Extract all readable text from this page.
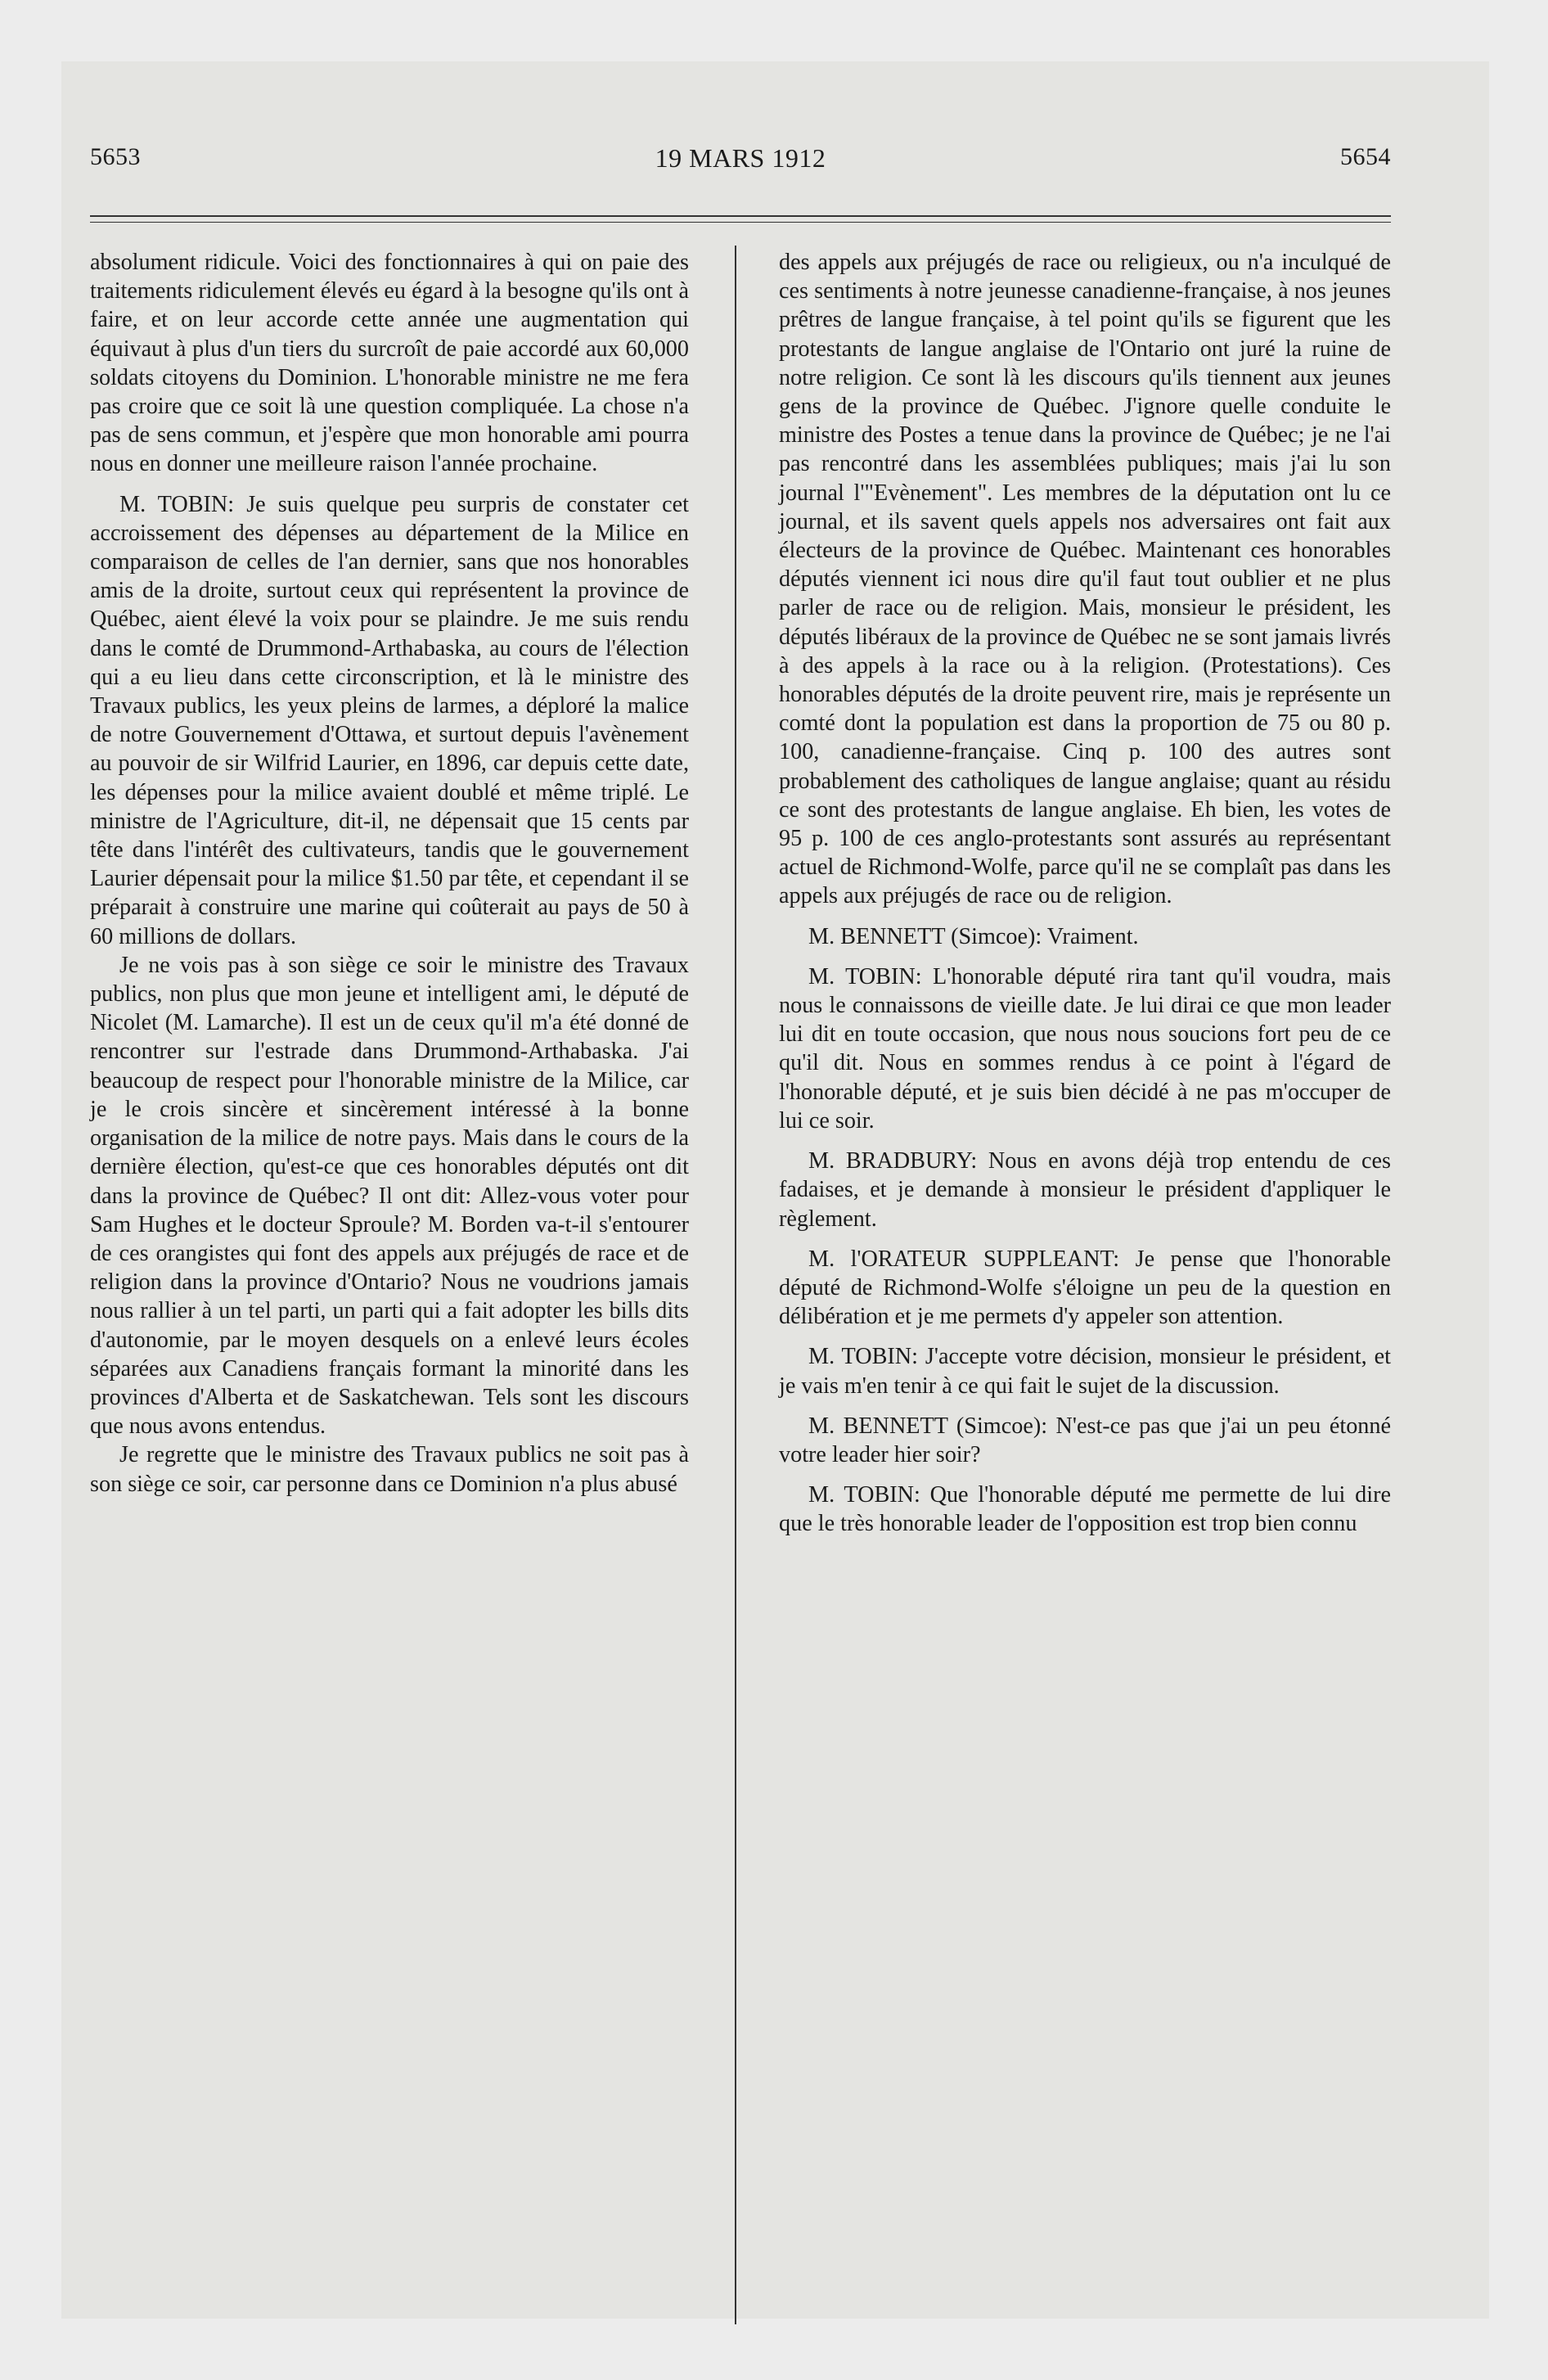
5653	19 MARS 1912	5654

absolument ridicule. Voici des fonctionnaires à qui on paie des traitements ridiculement élevés eu égard à la besogne qu'ils ont à faire, et on leur accorde cette année une augmentation qui équivaut à plus d'un tiers du surcroît de paie accordé aux 60,000 soldats citoyens du Dominion. L'honorable ministre ne me fera pas croire que ce soit là une question compliquée. La chose n'a pas de sens commun, et j'espère que mon honorable ami pourra nous en donner une meilleure raison l'année prochaine.

M. TOBIN: Je suis quelque peu surpris de constater cet accroissement des dépenses au département de la Milice en comparaison de celles de l'an dernier, sans que nos honorables amis de la droite, surtout ceux qui représentent la province de Québec, aient élevé la voix pour se plaindre. Je me suis rendu dans le comté de Drummond-Arthabaska, au cours de l'élection qui a eu lieu dans cette circonscription, et là le ministre des Travaux publics, les yeux pleins de larmes, a déploré la malice de notre Gouvernement d'Ottawa, et surtout depuis l'avènement au pouvoir de sir Wilfrid Laurier, en 1896, car depuis cette date, les dépenses pour la milice avaient doublé et même triplé. Le ministre de l'Agriculture, dit-il, ne dépensait que 15 cents par tête dans l'intérêt des cultivateurs, tandis que le gouvernement Laurier dépensait pour la milice $1.50 par tête, et cependant il se préparait à construire une marine qui coûterait au pays de 50 à 60 millions de dollars.

Je ne vois pas à son siège ce soir le ministre des Travaux publics, non plus que mon jeune et intelligent ami, le député de Nicolet (M. Lamarche). Il est un de ceux qu'il m'a été donné de rencontrer sur l'estrade dans Drummond-Arthabaska. J'ai beaucoup de respect pour l'honorable ministre de la Milice, car je le crois sincère et sincèrement intéressé à la bonne organisation de la milice de notre pays. Mais dans le cours de la dernière élection, qu'est-ce que ces honorables députés ont dit dans la province de Québec? Il ont dit: Allez-vous voter pour Sam Hughes et le docteur Sproule? M. Borden va-t-il s'entourer de ces orangistes qui font des appels aux préjugés de race et de religion dans la province d'Ontario? Nous ne voudrions jamais nous rallier à un tel parti, un parti qui a fait adopter les bills dits d'autonomie, par le moyen desquels on a enlevé leurs écoles séparées aux Canadiens français formant la minorité dans les provinces d'Alberta et de Saskatchewan. Tels sont les discours que nous avons entendus.

Je regrette que le ministre des Travaux publics ne soit pas à son siège ce soir, car personne dans ce Dominion n'a plus abusé

des appels aux préjugés de race ou religieux, ou n'a inculqué de ces sentiments à notre jeunesse canadienne-française, à nos jeunes prêtres de langue française, à tel point qu'ils se figurent que les protestants de langue anglaise de l'Ontario ont juré la ruine de notre religion. Ce sont là les discours qu'ils tiennent aux jeunes gens de la province de Québec. J'ignore quelle conduite le ministre des Postes a tenue dans la province de Québec; je ne l'ai pas rencontré dans les assemblées publiques; mais j'ai lu son journal l'"Evènement". Les membres de la députation ont lu ce journal, et ils savent quels appels nos adversaires ont fait aux électeurs de la province de Québec. Maintenant ces honorables députés viennent ici nous dire qu'il faut tout oublier et ne plus parler de race ou de religion. Mais, monsieur le président, les députés libéraux de la province de Québec ne se sont jamais livrés à des appels à la race ou à la religion. (Protestations). Ces honorables députés de la droite peuvent rire, mais je représente un comté dont la population est dans la proportion de 75 ou 80 p. 100, canadienne-française. Cinq p. 100 des autres sont probablement des catholiques de langue anglaise; quant au résidu ce sont des protestants de langue anglaise. Eh bien, les votes de 95 p. 100 de ces anglo-protestants sont assurés au représentant actuel de Richmond-Wolfe, parce qu'il ne se complaît pas dans les appels aux préjugés de race ou de religion.

M. BENNETT (Simcoe): Vraiment.

M. TOBIN: L'honorable député rira tant qu'il voudra, mais nous le connaissons de vieille date. Je lui dirai ce que mon leader lui dit en toute occasion, que nous nous soucions fort peu de ce qu'il dit. Nous en sommes rendus à ce point à l'égard de l'honorable député, et je suis bien décidé à ne pas m'occuper de lui ce soir.

M. BRADBURY: Nous en avons déjà trop entendu de ces fadaises, et je demande à monsieur le président d'appliquer le règlement.

M. l'ORATEUR SUPPLEANT: Je pense que l'honorable député de Richmond-Wolfe s'éloigne un peu de la question en délibération et je me permets d'y appeler son attention.

M. TOBIN: J'accepte votre décision, monsieur le président, et je vais m'en tenir à ce qui fait le sujet de la discussion.

M. BENNETT (Simcoe): N'est-ce pas que j'ai un peu étonné votre leader hier soir?

M. TOBIN: Que l'honorable député me permette de lui dire que le très honorable leader de l'opposition est trop bien connu
